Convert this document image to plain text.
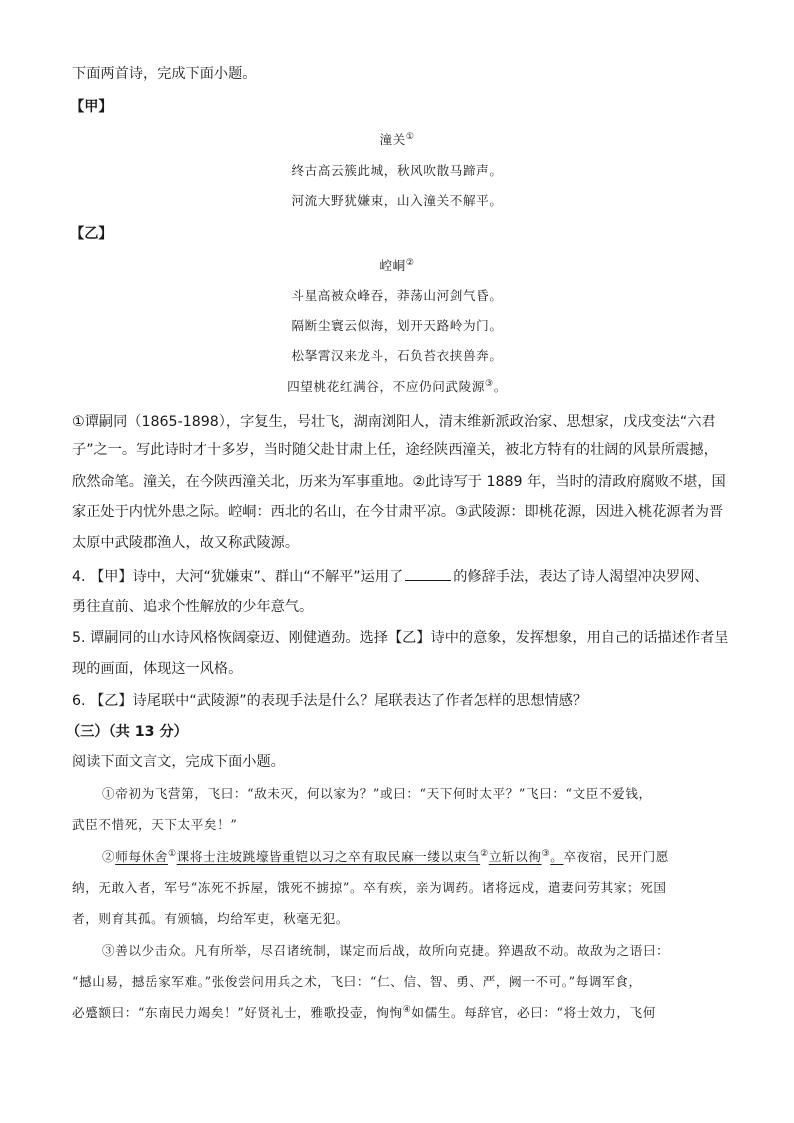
下面两首诗，完成下面小题。
【甲】
潼关①
终古高云簇此城，秋风吹散马蹄声。
河流大野犹嫌束，山入潼关不解平。
【乙】
崆峒②
斗星高被众峰吞，莽荡山河剑气昏。
隔断尘寰云似海，划开天路岭为门。
松拏霄汉来龙斗，石负苔衣挟兽奔。
四望桃花红满谷，不应仍问武陵源③。
①谭嗣同（1865-1898），字复生，号壮飞，湖南浏阳人，清末维新派政治家、思想家，戊戌变法“六君
子”之一。写此诗时才十多岁，当时随父赴甘肃上任，途经陕西潼关，被北方特有的壮阔的风景所震撼，
欣然命笔。潼关，在今陕西潼关北，历来为军事重地。②此诗写于 1889 年，当时的清政府腐败不堪，国
家正处于内忧外患之际。崆峒：西北的名山，在今甘肃平凉。③武陵源：即桃花源，因进入桃花源者为晋
太原中武陵郡渔人，故又称武陵源。
4. 【甲】诗中，大河“犹嫌束”、群山“不解平”运用了	的修辞手法，表达了诗人渴望冲决罗网、
勇往直前、追求个性解放的少年意气。
5. 谭嗣同的山水诗风格恢阔豪迈、刚健遒劲。选择【乙】诗中的意象，发挥想象，用自己的话描述作者呈
现的画面，体现这一风格。
6. 【乙】诗尾联中“武陵源”的表现手法是什么？尾联表达了作者怎样的思想情感？
（三）（共 13 分）
阅读下面文言文，完成下面小题。
①帝初为飞营第，飞曰：“敌未灭，何以家为？”或曰：“天下何时太平？”飞曰：“文臣不爱钱，
武臣不惜死，天下太平矣！”
②师每休舍①课将士注坡跳壕皆重铠以习之卒有取民麻一缕以束刍②立斩以徇③。卒夜宿，民开门愿
纳，无敢入者，军号“冻死不拆屋，饿死不掳掠”。卒有疾，亲为调药。诸将远戍，遣妻问劳其家；死国
者，则育其孤。有颁犒，均给军吏，秋毫无犯。
③善以少击众。凡有所举，尽召诸统制，谋定而后战，故所向克捷。猝遇敌不动。故敌为之语曰：
“撼山易，撼岳家军难。”张俊尝问用兵之术，飞曰：“仁、信、智、勇、严，阙一不可。”每调军食，
必蹙额曰：“东南民力竭矣！”好贤礼士，雅歌投壶，恂恂④如儒生。每辞官，必曰：“将士效力，飞何
